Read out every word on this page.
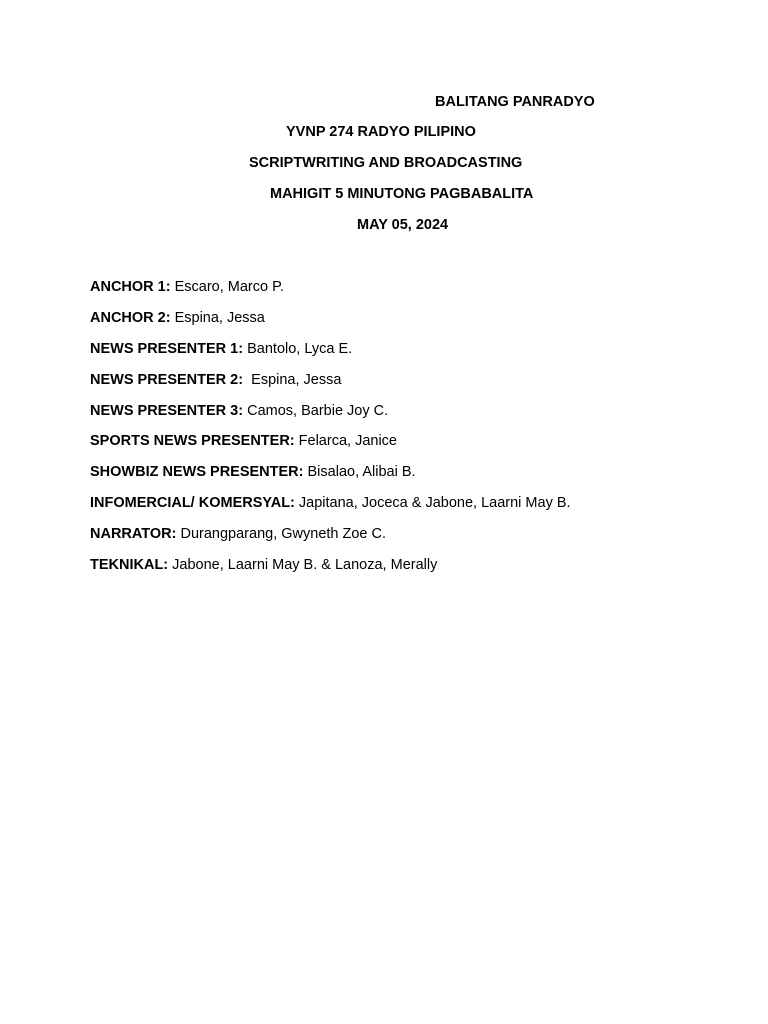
BALITANG PANRADYO
YVNP 274 RADYO PILIPINO
SCRIPTWRITING AND BROADCASTING
MAHIGIT 5 MINUTONG PAGBABALITA
MAY 05, 2024
ANCHOR 1: Escaro, Marco P.
ANCHOR 2: Espina, Jessa
NEWS PRESENTER 1: Bantolo, Lyca E.
NEWS PRESENTER 2:  Espina, Jessa
NEWS PRESENTER 3: Camos, Barbie Joy C.
SPORTS NEWS PRESENTER: Felarca, Janice
SHOWBIZ NEWS PRESENTER: Bisalao, Alibai B.
INFOMERCIAL/ KOMERSYAL: Japitana, Joceca & Jabone, Laarni May B.
NARRATOR: Durangparang, Gwyneth Zoe C.
TEKNIKAL: Jabone, Laarni May B. & Lanoza, Merally
